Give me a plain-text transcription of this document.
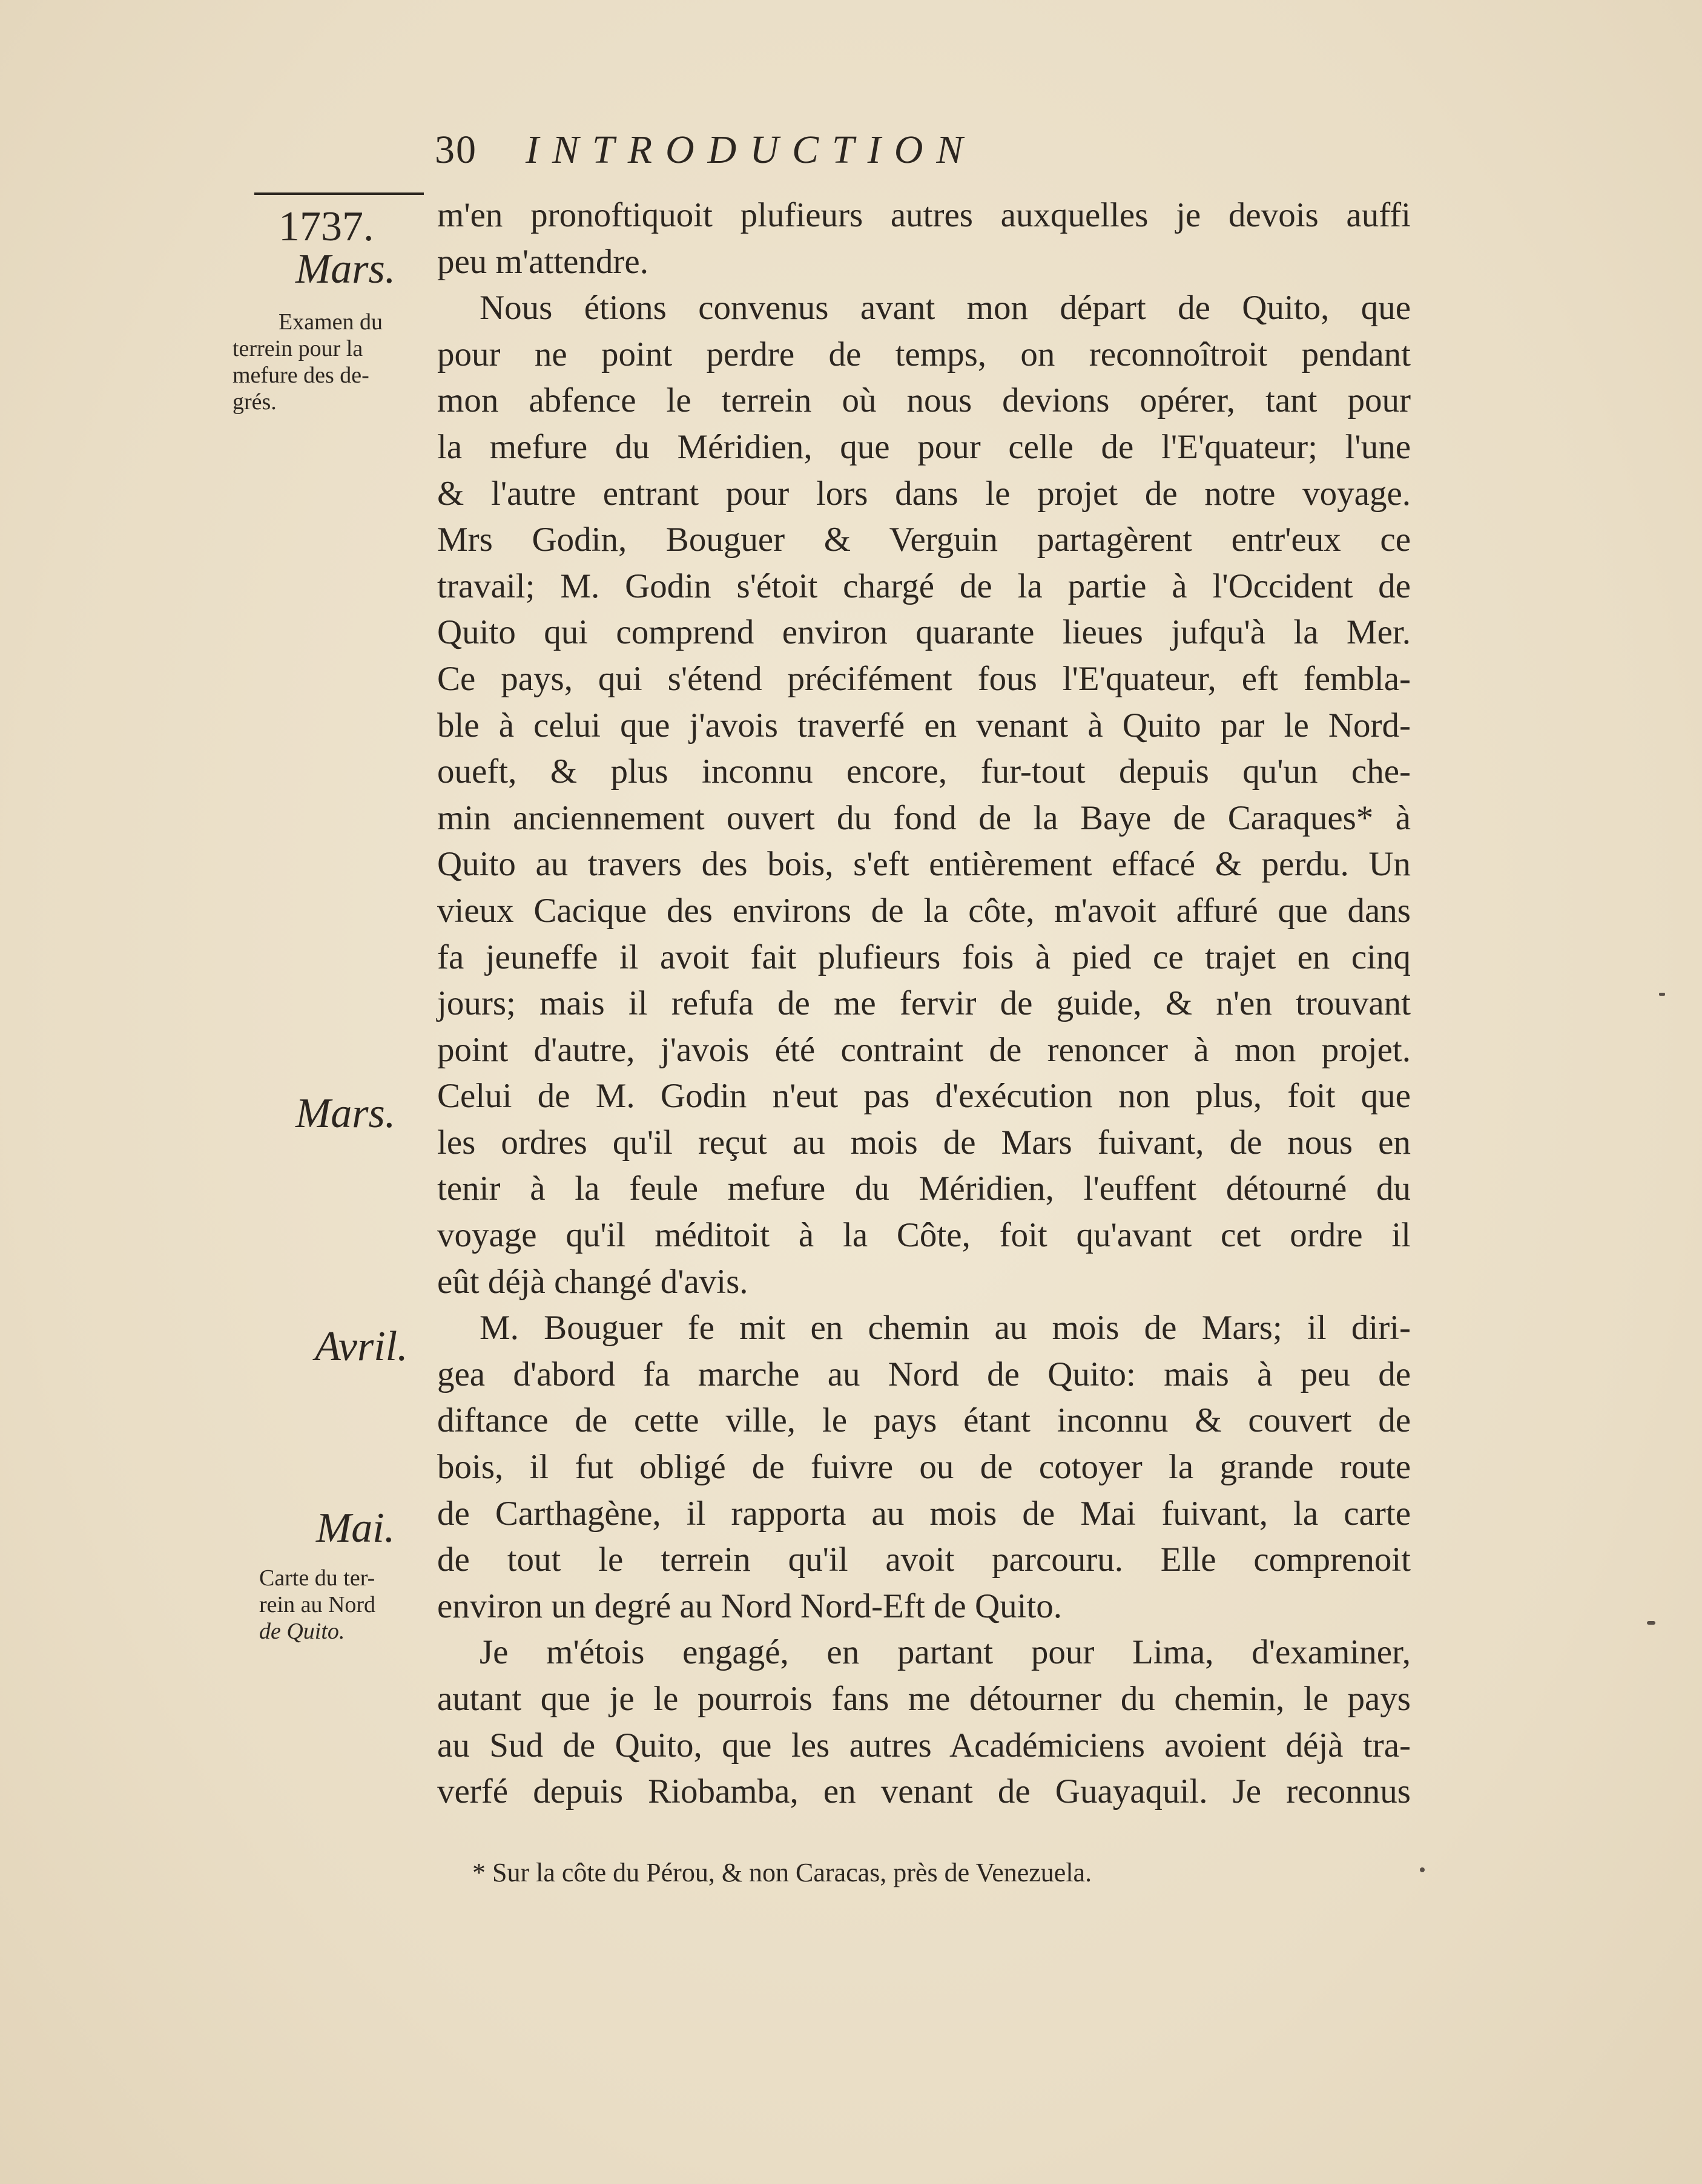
30 INTRODUCTION
1737.
Mars.
Examen du
terrein pour la
mefure des de-
grés.
Mars.
Avril.
Mai.
Carte du ter-
rein au Nord
de Quito.
m'en pronoftiquoit plufieurs autres auxquelles je devois auffi
peu m'attendre.
Nous étions convenus avant mon départ de Quito, que
pour ne point perdre de temps, on reconnoîtroit pendant
mon abfence le terrein où nous devions opérer, tant pour
la mefure du Méridien, que pour celle de l'E'quateur; l'une
& l'autre entrant pour lors dans le projet de notre voyage.
Mrs Godin, Bouguer & Verguin partagèrent entr'eux ce
travail; M. Godin s'étoit chargé de la partie à l'Occident de
Quito qui comprend environ quarante lieues jufqu'à la Mer.
Ce pays, qui s'étend précifément fous l'E'quateur, eft fembla-
ble à celui que j'avois traverfé en venant à Quito par le Nord-
oueft, & plus inconnu encore, fur-tout depuis qu'un che-
min anciennement ouvert du fond de la Baye de Caraques* à
Quito au travers des bois, s'eft entièrement effacé & perdu. Un
vieux Cacique des environs de la côte, m'avoit affuré que dans
fa jeuneffe il avoit fait plufieurs fois à pied ce trajet en cinq
jours; mais il refufa de me fervir de guide, & n'en trouvant
point d'autre, j'avois été contraint de renoncer à mon projet.
Celui de M. Godin n'eut pas d'exécution non plus, foit que
les ordres qu'il reçut au mois de Mars fuivant, de nous en
tenir à la feule mefure du Méridien, l'euffent détourné du
voyage qu'il méditoit à la Côte, foit qu'avant cet ordre il
eût déjà changé d'avis.
M. Bouguer fe mit en chemin au mois de Mars; il diri-
gea d'abord fa marche au Nord de Quito: mais à peu de
diftance de cette ville, le pays étant inconnu & couvert de
bois, il fut obligé de fuivre ou de cotoyer la grande route
de Carthagène, il rapporta au mois de Mai fuivant, la carte
de tout le terrein qu'il avoit parcouru. Elle comprenoit
environ un degré au Nord Nord-Eft de Quito.
Je m'étois engagé, en partant pour Lima, d'examiner,
autant que je le pourrois fans me détourner du chemin, le pays
au Sud de Quito, que les autres Académiciens avoient déjà tra-
verfé depuis Riobamba, en venant de Guayaquil. Je reconnus
* Sur la côte du Pérou, & non Caracas, près de Venezuela.
